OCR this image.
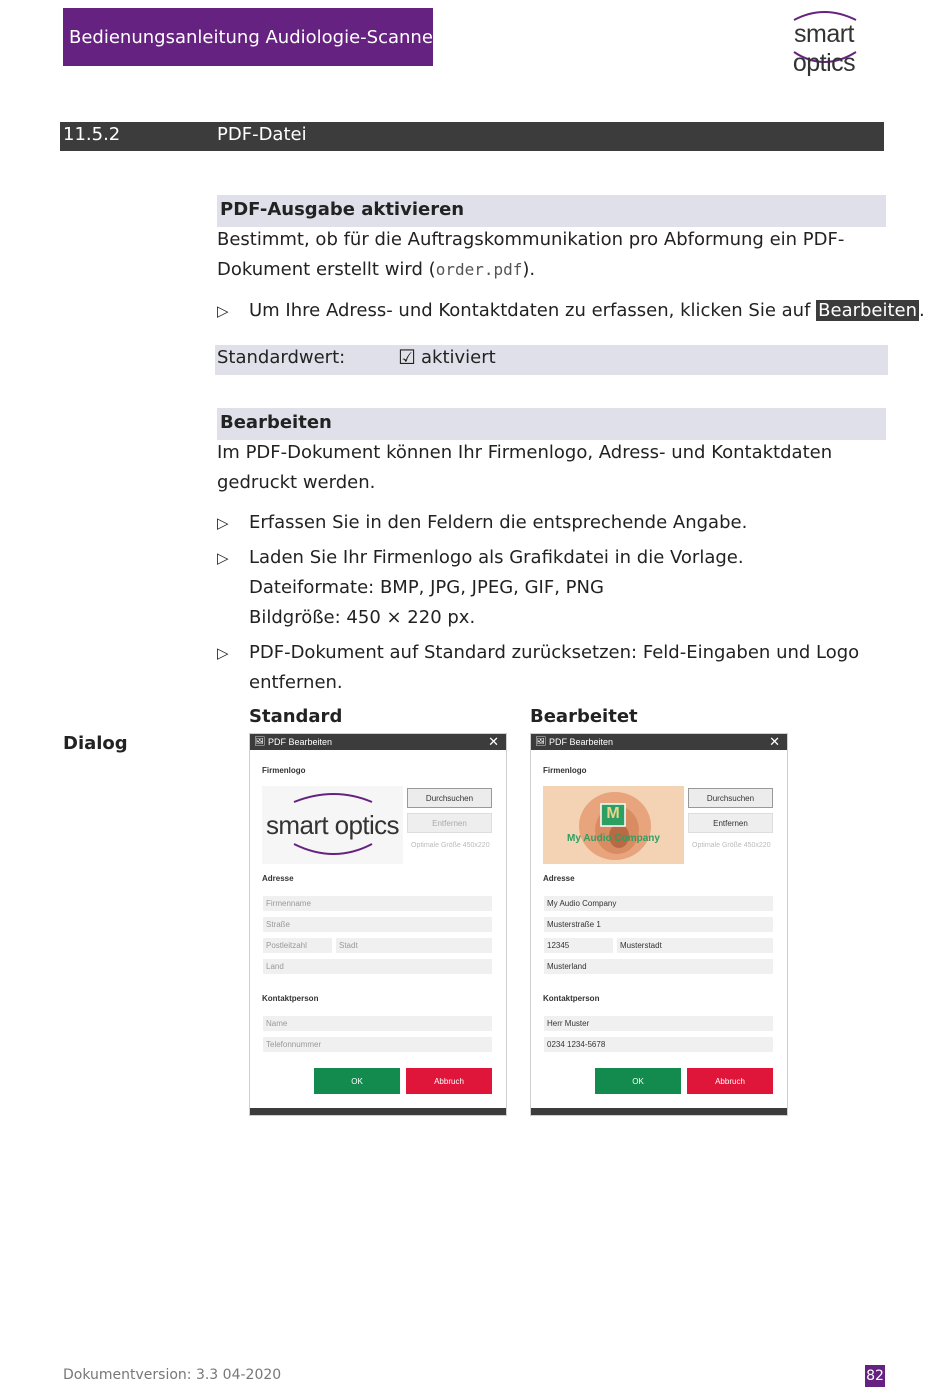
Bedienungsanleitung Audiologie-Scanner	smart optics
11.5.2	PDF-Datei
PDF-Ausgabe aktivieren
Bestimmt, ob für die Auftragskommunikation pro Abformung ein PDF-
Dokument erstellt wird (order.pdf).
▷ Um Ihre Adress- und Kontaktdaten zu erfassen, klicken Sie auf Bearbeiten .
Standardwert:	☑ aktiviert
Bearbeiten
Im PDF-Dokument können Ihr Firmenlogo, Adress- und Kontaktdaten
gedruckt werden.
▷ Erfassen Sie in den Feldern die entsprechende Angabe.
▷ Laden Sie Ihr Firmenlogo als Grafikdatei in die Vorlage.
Dateiformate: BMP, JPG, JPEG, GIF, PNG
Bildgröße: 450 × 220 px.
▷ PDF-Dokument auf Standard zurücksetzen: Feld-Eingaben und Logo
entfernen.
Dialog
Standard	Bearbeitet
🖼 PDF Bearbeiten	✕
Firmenlogo
smart optics
Durchsuchen
Entfernen
Optimale Größe 450x220
Adresse
Firmenname
Straße
Postleitzahl	Stadt
Land
Kontaktperson
Name
Telefonnummer
OK	Abbruch
🖼 PDF Bearbeiten	✕
Firmenlogo
M
My Audio Company
Durchsuchen
Entfernen
Optimale Größe 450x220
Adresse
My Audio Company
Musterstraße 1
12345	Musterstadt
Musterland
Kontaktperson
Herr Muster
0234 1234-5678
OK	Abbruch
Dokumentversion: 3.3 04-2020	82
